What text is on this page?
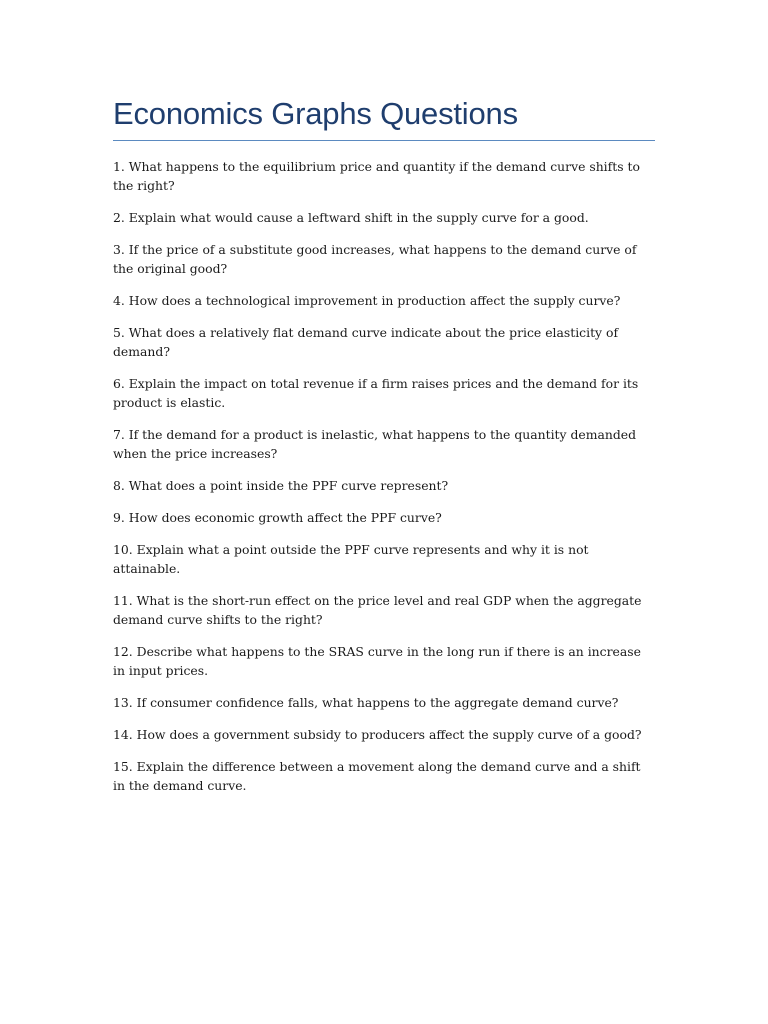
Economics Graphs Questions
1. What happens to the equilibrium price and quantity if the demand curve shifts to the right?
2. Explain what would cause a leftward shift in the supply curve for a good.
3. If the price of a substitute good increases, what happens to the demand curve of the original good?
4. How does a technological improvement in production affect the supply curve?
5. What does a relatively flat demand curve indicate about the price elasticity of demand?
6. Explain the impact on total revenue if a firm raises prices and the demand for its product is elastic.
7. If the demand for a product is inelastic, what happens to the quantity demanded when the price increases?
8. What does a point inside the PPF curve represent?
9. How does economic growth affect the PPF curve?
10. Explain what a point outside the PPF curve represents and why it is not attainable.
11. What is the short-run effect on the price level and real GDP when the aggregate demand curve shifts to the right?
12. Describe what happens to the SRAS curve in the long run if there is an increase in input prices.
13. If consumer confidence falls, what happens to the aggregate demand curve?
14. How does a government subsidy to producers affect the supply curve of a good?
15. Explain the difference between a movement along the demand curve and a shift in the demand curve.
